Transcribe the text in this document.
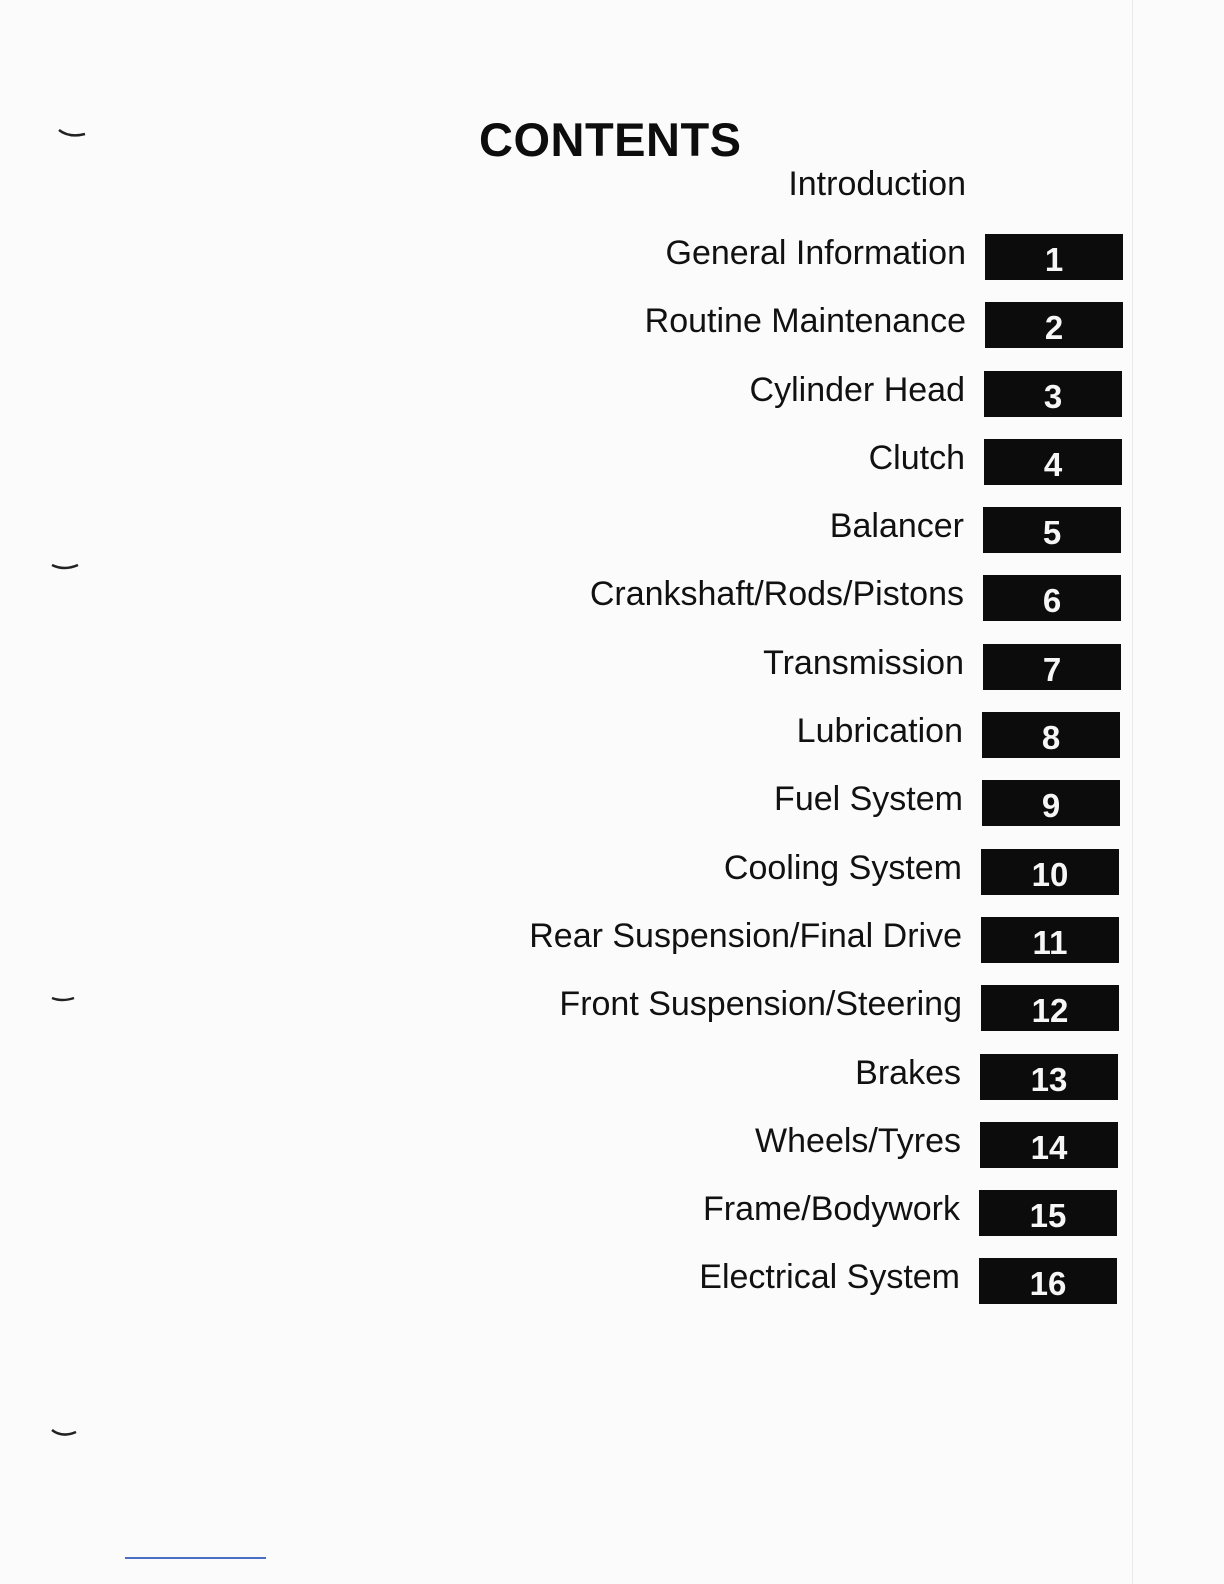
CONTENTS
Introduction
General Information	1
Routine Maintenance	2
Cylinder Head	3
Clutch	4
Balancer	5
Crankshaft/Rods/Pistons	6
Transmission	7
Lubrication	8
Fuel System	9
Cooling System	10
Rear Suspension/Final Drive	11
Front Suspension/Steering	12
Brakes	13
Wheels/Tyres	14
Frame/Bodywork	15
Electrical System	16
